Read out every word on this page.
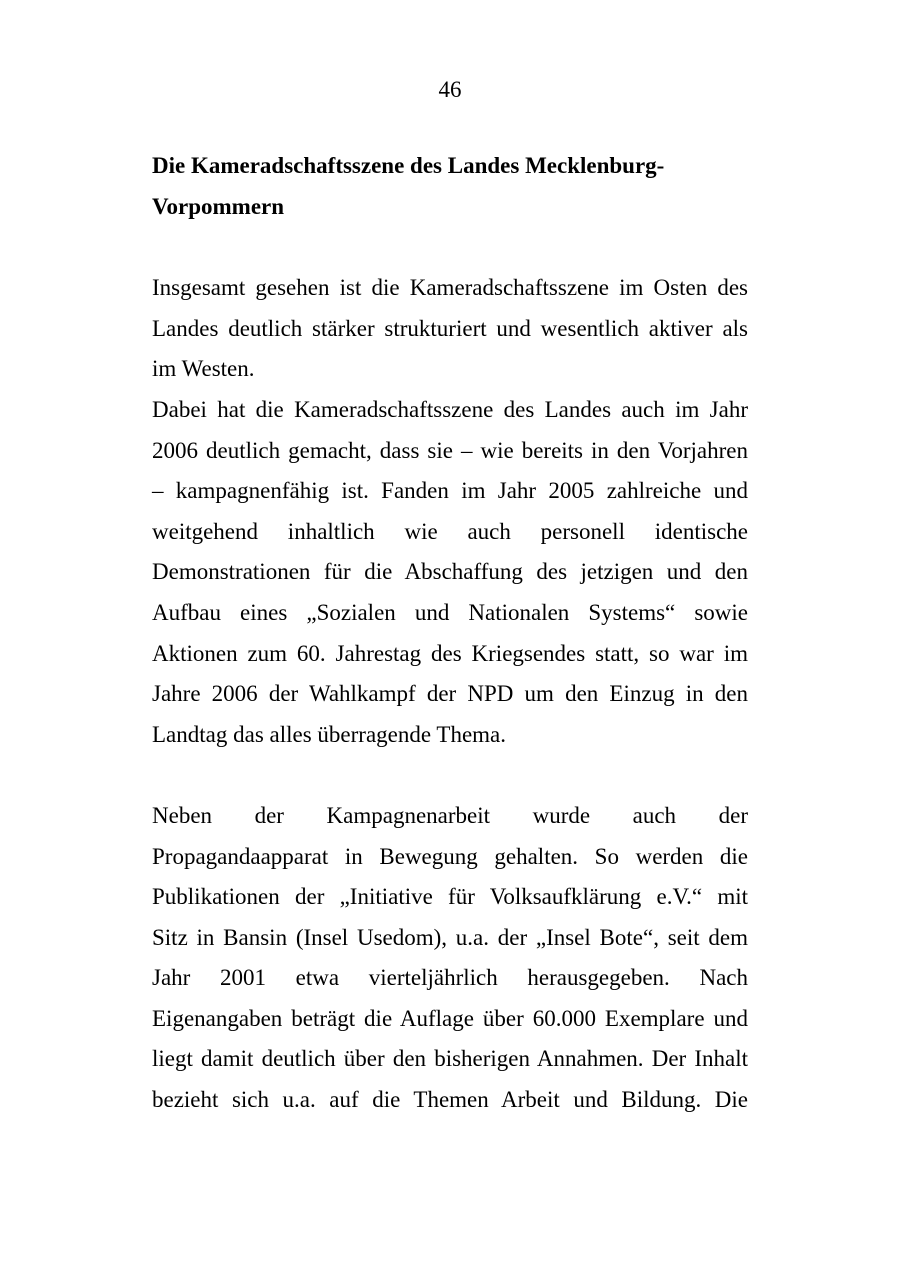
46
Die Kameradschaftsszene des Landes Mecklenburg-
Vorpommern

Insgesamt gesehen ist die Kameradschaftsszene im Osten des
Landes deutlich stärker strukturiert und wesentlich aktiver als
im Westen.

Dabei hat die Kameradschaftsszene des Landes auch im Jahr
2006 deutlich gemacht, dass sie – wie bereits in den Vorjahren
– kampagnenfähig ist. Fanden im Jahr 2005 zahlreiche und
weitgehend inhaltlich wie auch personell identische
Demonstrationen für die Abschaffung des jetzigen und den
Aufbau eines „Sozialen und Nationalen Systems“ sowie
Aktionen zum 60. Jahrestag des Kriegsendes statt, so war im
Jahre 2006 der Wahlkampf der NPD um den Einzug in den
Landtag das alles überragende Thema.

Neben der Kampagnenarbeit wurde auch der
Propagandaapparat in Bewegung gehalten. So werden die
Publikationen der „Initiative für Volksaufklärung e.V.“ mit
Sitz in Bansin (Insel Usedom), u.a. der „Insel Bote“, seit dem
Jahr 2001 etwa vierteljährlich herausgegeben. Nach
Eigenangaben beträgt die Auflage über 60.000 Exemplare und
liegt damit deutlich über den bisherigen Annahmen. Der Inhalt
bezieht sich u.a. auf die Themen Arbeit und Bildung. Die
